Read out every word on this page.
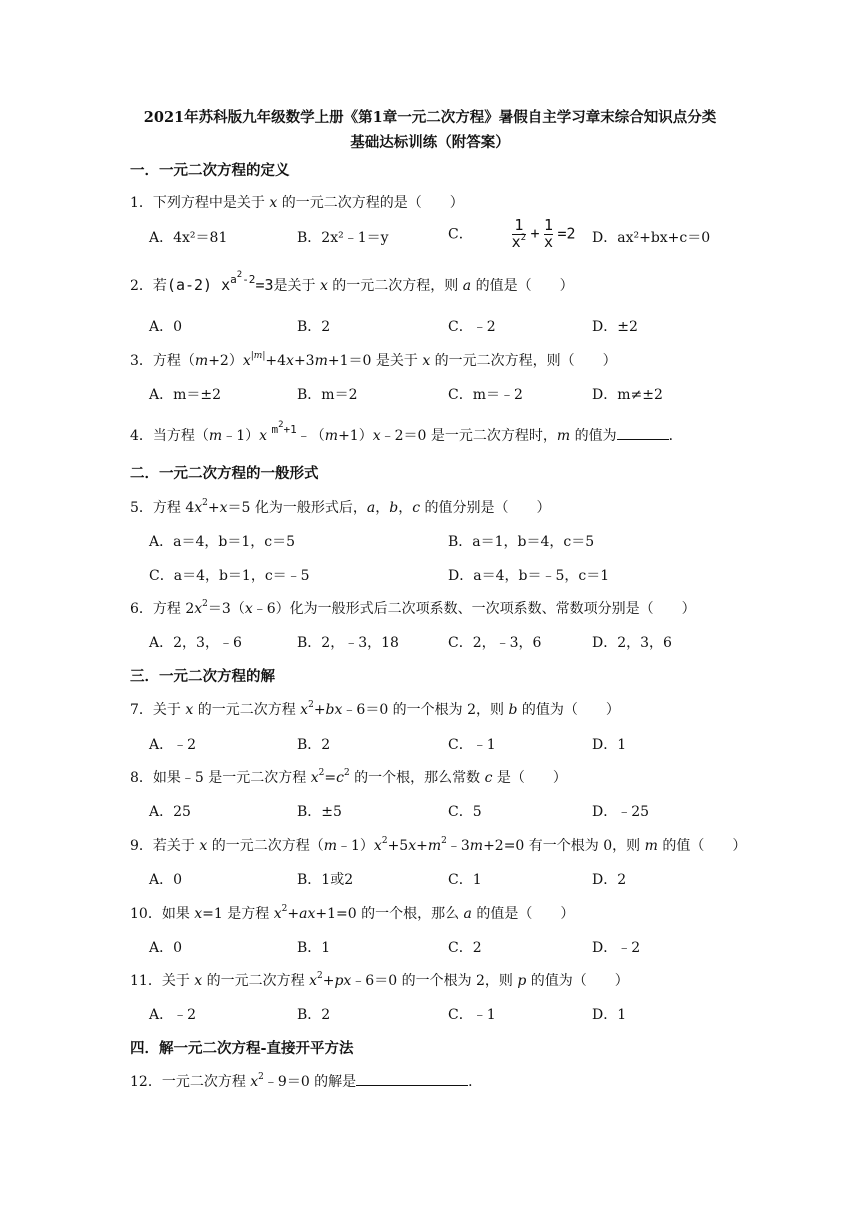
2021年苏科版九年级数学上册《第1章一元二次方程》暑假自主学习章末综合知识点分类
基础达标训练（附答案）
一．一元二次方程的定义
1．下列方程中是关于 x 的一元二次方程的是（　　）
A．4x²＝81	B．2x²﹣1＝y	C．	$\frac{1}{x^2} + \frac{1}{x} =2$ D．ax²+bx+c＝0
2．若(a-2) $x^{a^2-2}=3$是关于 x 的一元二次方程，则 a 的值是（　　）
A．0	B．2	C．﹣2	D．±2
3．方程$(m+2)x^{|m|}+4x+3m+1=0$ 是关于 x 的一元二次方程，则（　　）
A．m＝±2	B．m＝2	C．m＝﹣2	D．m≠±2
4．当方程（m﹣1）x $^{m^2+1}$﹣（m+1）x﹣2＝0 是一元二次方程时，m 的值为	．
二．一元二次方程的一般形式
5．方程 $4x^2+x=5$ 化为一般形式后，a，b，c 的值分别是（　　）
A．a＝4，b＝1，c＝5	B．a＝1，b＝4，c＝5
C．a＝4，b＝1，c＝﹣5	D．a＝4，b＝﹣5，c＝1
6．方程 $2x^2=3(x﹣6)$化为一般形式后二次项系数、一次项系数、常数项分别是（　　）
A．2，3，﹣6	B．2，﹣3，18	C．2，﹣3，6	D．2，3，6
三．一元二次方程的解
7．关于 x 的一元二次方程 $x^2+bx﹣6=0$ 的一个根为 2，则 b 的值为（　　）
A．﹣2	B．2	C．﹣1	D．1
8．如果﹣5 是一元二次方程 $x^2=c^2$ 的一个根，那么常数 c 是（　　）
A．25	B．±5	C．5	D．﹣25
9．若关于 x 的一元二次方程$(m﹣1)x^2+5x+m^2﹣3m+2=0$ 有一个根为 0，则 m 的值（　　）
A．0	B．1或2	C．1	D．2
10．如果 x=1 是方程 $x^2+ax+1=0$ 的一个根，那么 a 的值是（　　）
A．0	B．1	C．2	D．﹣2
11．关于 x 的一元二次方程 $x^2+px﹣6=0$ 的一个根为 2，则 p 的值为（　　）
A．﹣2	B．2	C．﹣1	D．1
四．解一元二次方程-直接开平方法
12．一元二次方程 $x^2﹣9=0$ 的解是	．
